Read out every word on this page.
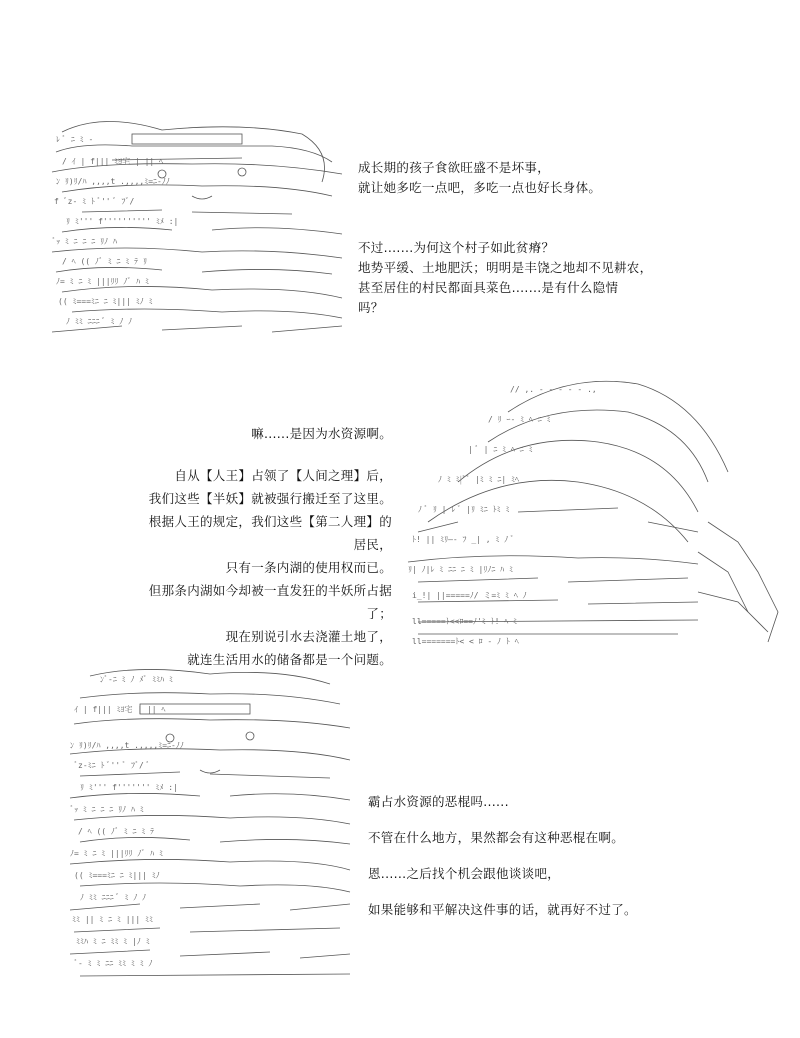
ﾚ ﾞ ﾆ ﾐ ‐
/ ｲ | f||| ﾐﾖ宅 | || ﾍ
ﾝ ﾘ)ﾘ/ﾊ ,,,,t .,,,,ﾐ=ﾆ-ﾉﾉ
f ﾞz- ﾐ ﾄ ﾞ'' ﾞ ﾌﾞ/
ﾘ ﾐ''' f'''''''''' ﾐﾒ :|
ﾞｯ ﾐ ﾆ ﾆ ﾆ ﾘﾉ ﾊ
/ ﾍ (( ﾉﾞ ﾐ ﾆ ﾐ ﾃ ﾘ
ﾉ= ﾐ ﾆ ﾐ |||ﾘﾘ ﾉﾞ ﾊ ﾐ
(( ﾐ===ﾐﾆ ﾆ ﾐ||| ﾐﾉ ﾐ
ﾉ ﾐﾐ ﾆﾆﾆ ﾞ ﾐ ﾉ ﾉ
成长期的孩子食欲旺盛不是坏事，
就让她多吃一点吧，多吃一点也好长身体。
不过.......为何这个村子如此贫瘠？
地势平缓、土地肥沃；明明是丰饶之地却不见耕农，
甚至居住的村民都面具菜色.......是有什么隐情
吗？
嘛......是因为水资源啊。
自从【人王】占领了【人间之理】后，
我们这些【半妖】就被强行搬迁至了这里。
根据人王的规定，我们这些【第二人理】的
居民，
只有一条内湖的使用权而已。
但那条内湖如今却被一直发狂的半妖所占据
了；
现在别说引水去浇灌土地了，
就连生活用水的储备都是一个问题。
// ,. - ‐ ‐ ‐ - .,
/ ﾘ ｰ- ﾐ ﾍ ﾆ ﾐ
| ﾞ | ﾆ ﾐ ﾍ ﾆ ﾐ
ﾉ ﾐ ﾐ|ﾞﾞ |ﾐ ﾐ ﾆ| ﾐﾍ
ﾉ ﾞ ﾘ | ﾚ ﾞ |ﾘ ﾐﾆ ﾄﾐ ﾐ
ﾄ! || ﾐﾘ―‐ ﾌ _| , ﾐ ﾉ ﾞ
ﾘ| ﾉ|ﾚ ﾐ ﾆﾆ ﾆ ﾐ |ﾘﾉﾆ ﾊ ﾐ
i_!| ||=====ﾉ/ ミ=ﾐ ﾐ ﾍ ﾉ
ll=====ﾄ<<ﾛ==ﾉ'ﾐ ﾄ! ﾍ ﾐ
ll=======ﾄ< < ﾛ ‐ ﾉ ﾄ ﾍ
ﾝﾞ-ﾆ ﾐ ﾉ ﾒﾞ ﾐﾐﾊ ﾐ
ｲ | f||| ﾐﾖ宅 | || ﾍ
ﾝ ﾘ)ﾘ/ﾊ ,,,,t .,,,,ﾐ=ﾆ-ﾉﾉ
ﾞz-ﾐﾆ ﾄ ﾞ'' ﾞ ﾌﾞ/ ﾞ
ﾘ ﾐ''' f''''''' ﾐﾒ :|
ﾞｯ ﾐ ﾆ ﾆ ﾆ ﾘﾉ ﾊ ﾐ
/ ﾍ (( ﾉﾞ ﾐ ﾆ ﾐ ﾃ
ﾉ= ﾐ ﾆ ﾐ |||ﾘﾘ ﾉﾞ ﾊ ﾐ
(( ﾐ===ﾐﾆ ﾆ ﾐ||| ﾐﾉ
ﾉ ﾐﾐ ﾆﾆﾆ ﾞ ﾐ ﾉ ﾉ
ﾐﾐ || ﾐ ﾆ ﾐ ||| ﾐﾐ
ﾐﾐﾊ ﾐ ﾆ ﾐﾐ ﾐ |ﾉ ﾐ
ﾞ- ﾐ ﾐ ﾆﾆ ﾐﾐ ﾐ ﾐ ﾉ
霸占水资源的恶棍吗......
不管在什么地方，果然都会有这种恶棍在啊。
恩......之后找个机会跟他谈谈吧，
如果能够和平解决这件事的话，就再好不过了。
